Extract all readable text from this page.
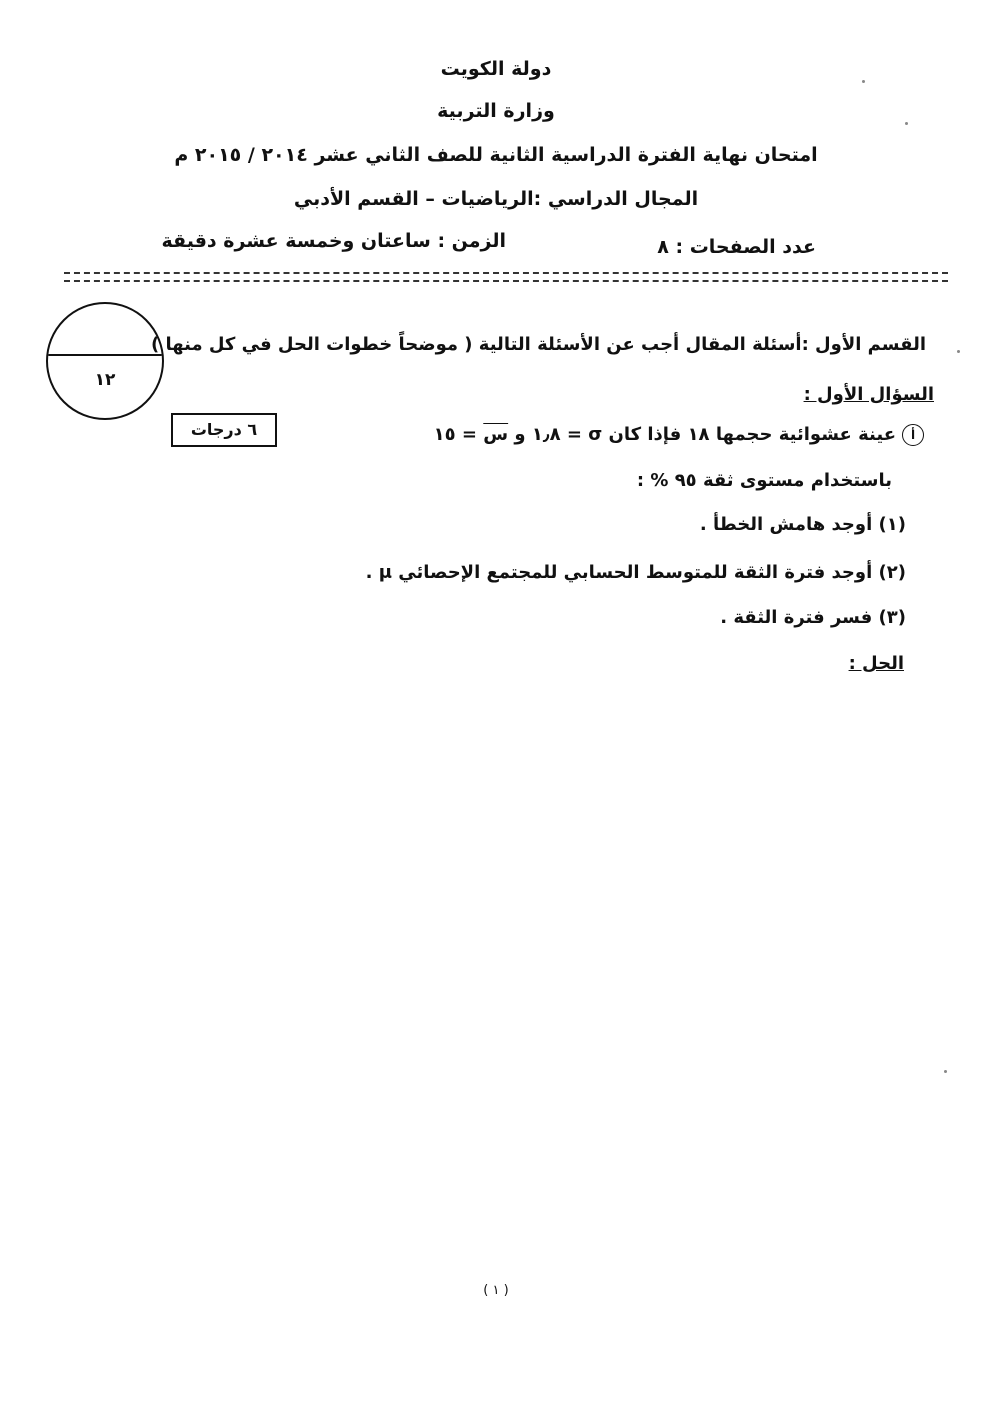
دولة الكويت
وزارة التربية
امتحان نهاية الفترة الدراسية الثانية للصف الثاني عشر ٢٠١٤ / ٢٠١٥ م
المجال الدراسي :الرياضيات – القسم الأدبي
عدد الصفحات : ٨
الزمن : ساعتان وخمسة عشرة دقيقة
١٢
القسم الأول :أسئلة المقال أجب عن الأسئلة التالية ( موضحاً خطوات الحل في كل منها )
السؤال الأول :
٦ درجات	أعينة عشوائية حجمها ١٨ فإذا كان σ = ١٫٨ و س = ١٥
باستخدام مستوى ثقة ٩٥ % :
(١) أوجد هامش الخطأ .
(٢) أوجد فترة الثقة للمتوسط الحسابي للمجتمع الإحصائي μ .
(٣) فسر فترة الثقة .
الحل :
( ١ )
